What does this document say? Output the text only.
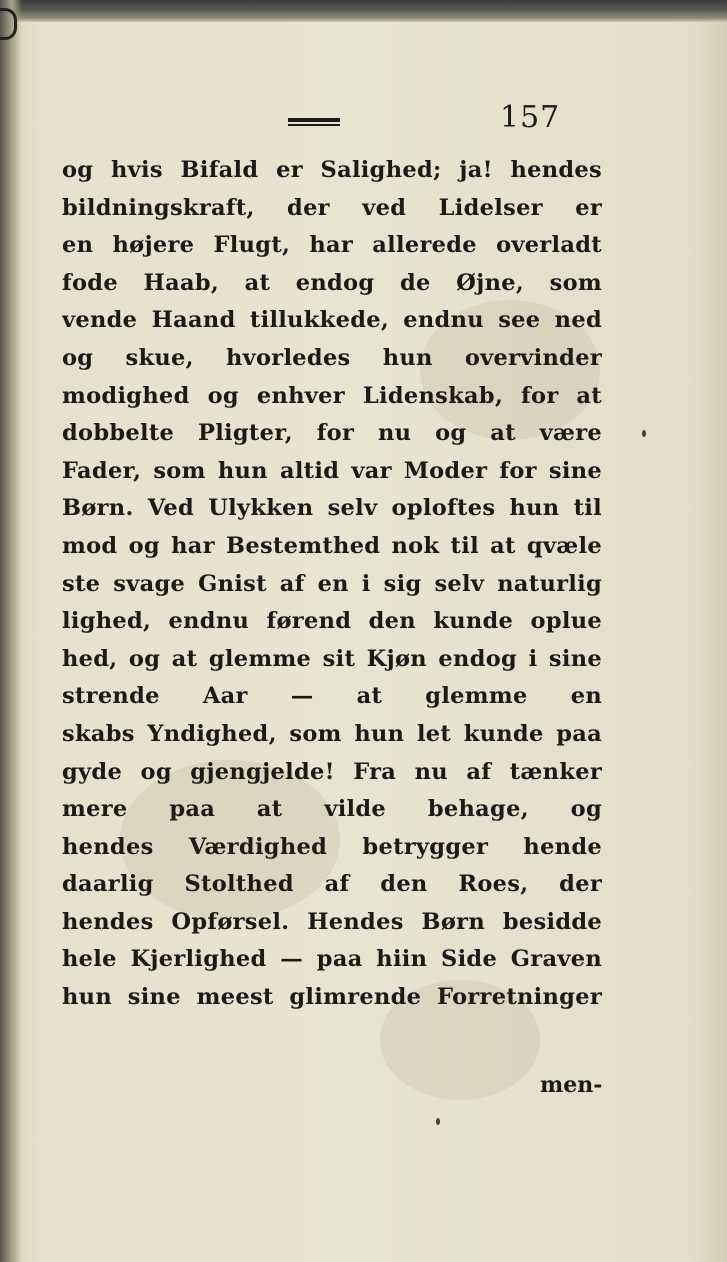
157
og hvis Bifald er Salighed; ja! hendes
bildningskraft, der ved Lidelser er
en højere Flugt, har allerede overladt
fode Haab, at endog de Øjne, som
vende Haand tillukkede, endnu see ned
og skue, hvorledes hun overvinder
modighed og enhver Lidenskab, for at
dobbelte Pligter, for nu og at være
Fader, som hun altid var Moder for sine
Børn. Ved Ulykken selv oploftes hun til
mod og har Bestemthed nok til at qvæle
ste svage Gnist af en i sig selv naturlig
lighed, endnu førend den kunde oplue
hed, og at glemme sit Kjøn endog i sine
strende Aar — at glemme en
skabs Yndighed, som hun let kunde paa
gyde og gjengjelde! Fra nu af tænker
mere paa at vilde behage, og
hendes Værdighed betrygger hende
daarlig Stolthed af den Roes, der
hendes Opførsel. Hendes Børn besidde
hele Kjerlighed — paa hiin Side Graven
hun sine meest glimrende Forretninger
men-
